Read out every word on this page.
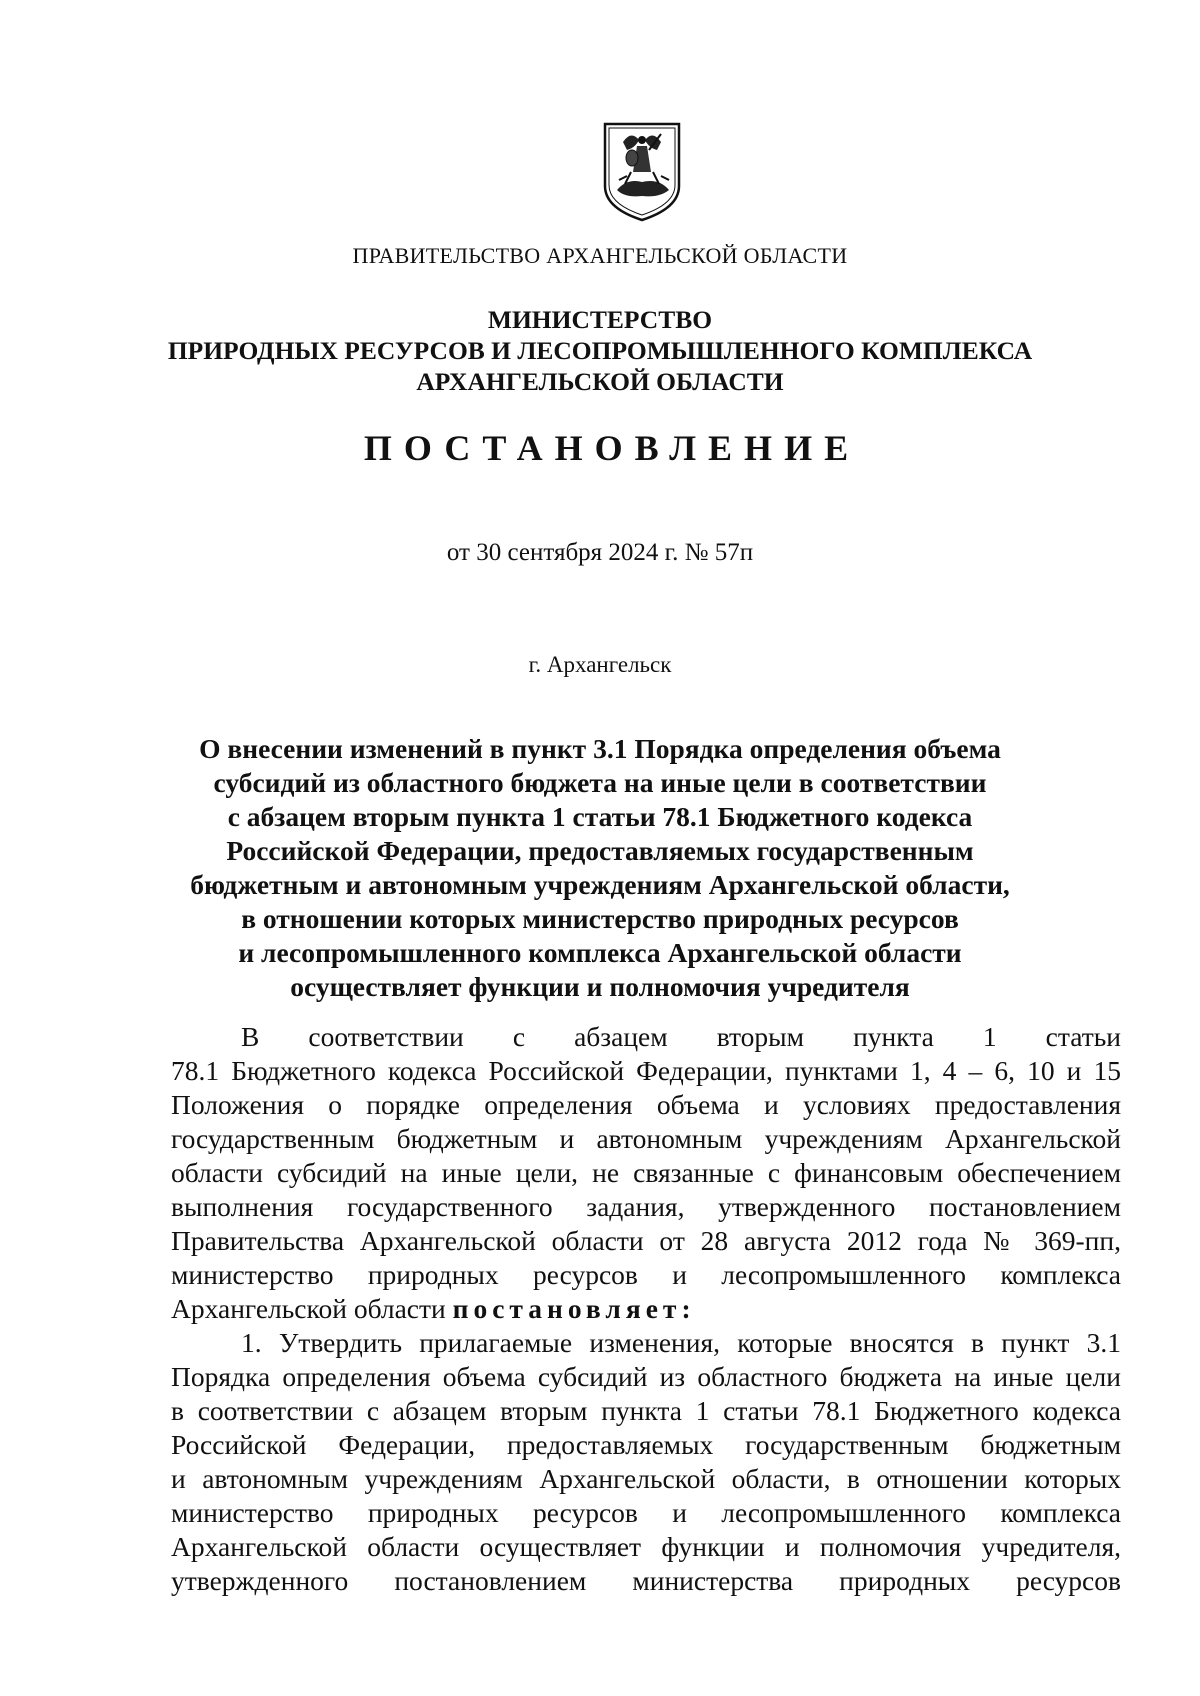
ПРАВИТЕЛЬСТВО АРХАНГЕЛЬСКОЙ ОБЛАСТИ
МИНИСТЕРСТВО
ПРИРОДНЫХ РЕСУРСОВ И ЛЕСОПРОМЫШЛЕННОГО КОМПЛЕКСА
АРХАНГЕЛЬСКОЙ ОБЛАСТИ
ПОСТАНОВЛЕНИЕ
от 30 сентября 2024 г. № 57п
г. Архангельск
О внесении изменений в пункт 3.1 Порядка определения объема
субсидий из областного бюджета на иные цели в соответствии
с абзацем вторым пункта 1 статьи 78.1 Бюджетного кодекса
Российской Федерации, предоставляемых государственным
бюджетным и автономным учреждениям Архангельской области,
в отношении которых министерство природных ресурсов
и лесопромышленного комплекса Архангельской области
осуществляет функции и полномочия учредителя
В соответствии с абзацем вторым пункта 1 статьи
78.1 Бюджетного кодекса Российской Федерации, пунктами 1, 4 – 6, 10 и 15
Положения о порядке определения объема и условиях предоставления
государственным бюджетным и автономным учреждениям Архангельской
области субсидий на иные цели, не связанные с финансовым обеспечением
выполнения государственного задания, утвержденного постановлением
Правительства Архангельской области от 28 августа 2012 года № 369-пп,
министерство природных ресурсов и лесопромышленного комплекса
Архангельской области постановляет:
1. Утвердить прилагаемые изменения, которые вносятся в пункт 3.1
Порядка определения объема субсидий из областного бюджета на иные цели
в соответствии с абзацем вторым пункта 1 статьи 78.1 Бюджетного кодекса
Российской Федерации, предоставляемых государственным бюджетным
и автономным учреждениям Архангельской области, в отношении которых
министерство природных ресурсов и лесопромышленного комплекса
Архангельской области осуществляет функции и полномочия учредителя,
утвержденного постановлением министерства природных ресурсов
